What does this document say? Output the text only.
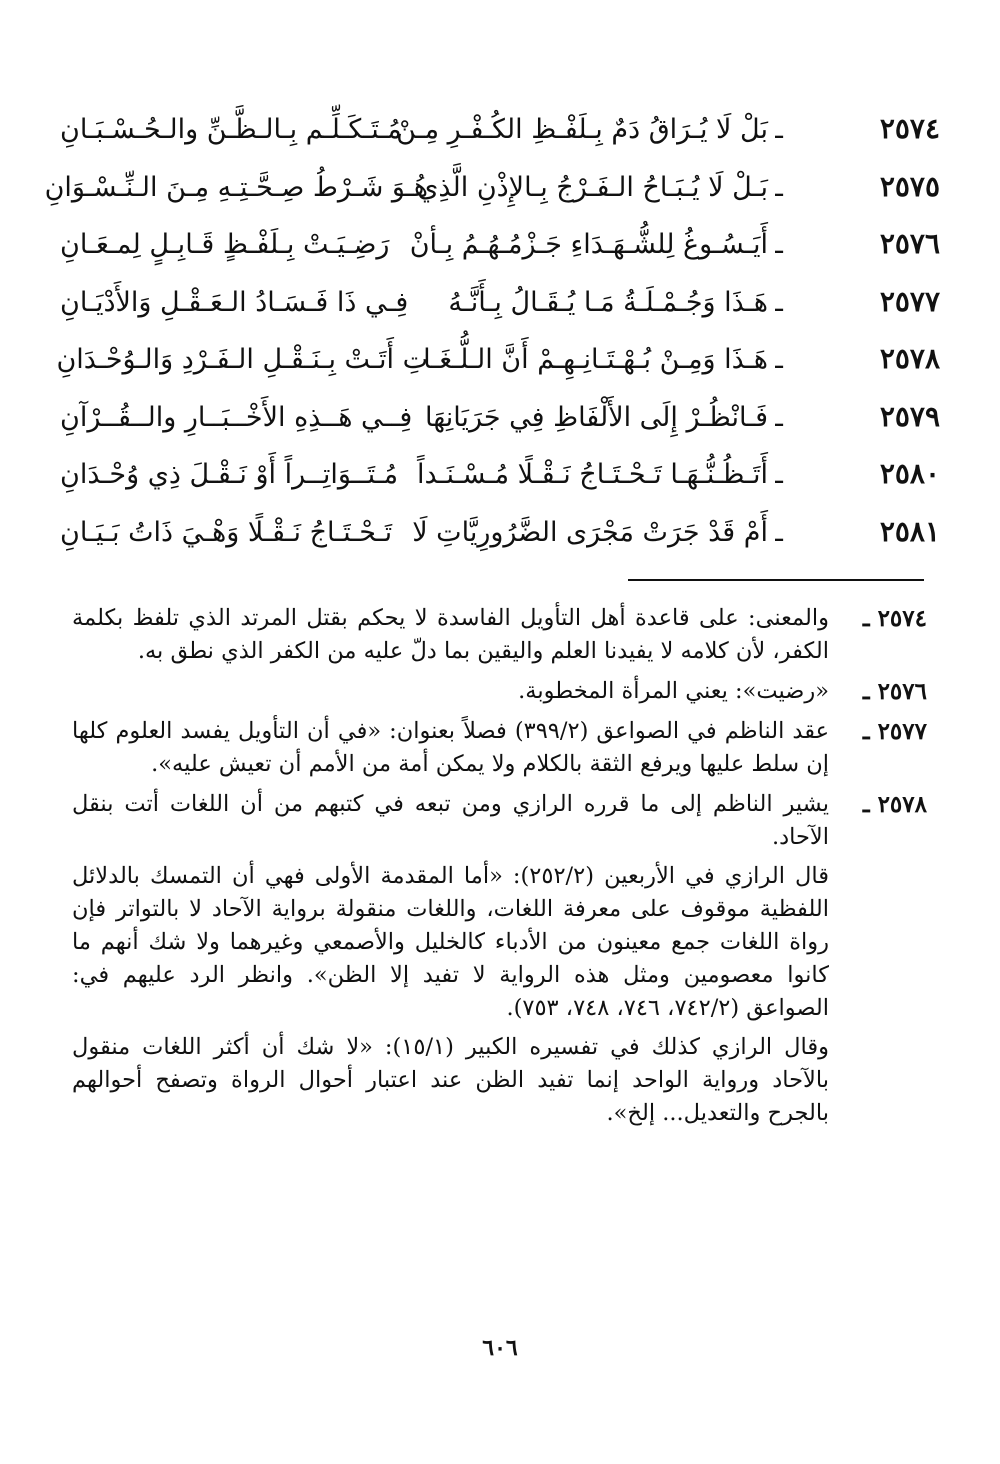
٢٥٧٤
ـ
بَلْ لَا يُـرَاقُ دَمٌ بِـلَفْـظِ الكُـفْـرِ مِـنْ
مُـتَـكَـلِّـم بِـالـظَّـنِّ والـحُـسْـبَـانِ
٢٥٧٥
ـ
بَـلْ لَا يُـبَـاحُ الـفَـرْجُ بِـالإِذْنِ الَّذِي
هُـوَ شَـرْطُ صِـحَّـتِـهِ مِـنَ الـنِّـسْـوَانِ
٢٥٧٦
ـ
أَيَـسُـوغُ لِلشُّـهَـدَاءِ جَـزْمُـهُـمُ بِـأنْ
رَضِـيَـتْ بِـلَفْـظٍ قَـابِـلٍ لِمـعَـانِ
٢٥٧٧
ـ
هَـذَا وَجُـمْـلَـةُ مَـا يُـقَـالُ بِـأَنَّـهُ
فِـي ذَا فَـسَـادُ الـعَـقْـلِ وَالأَدْيَـانِ
٢٥٧٨
ـ
هَـذَا وَمِـنْ بُـهْـتَـانِـهِـمْ أَنَّ الـلُّـغَـا
تِ أَتَـتْ بِـنَـقْـلِ الـفَـرْدِ وَالـوُحْـدَانِ
٢٥٧٩
ـ
فَـانْظُـرْ إِلَى الأَلْفَاظِ فِي جَرَيَانِهَا
فِــي هَــذِهِ الأَخْــبَــارِ والــقُــرْآنِ
٢٥٨٠
ـ
أَتَـظُـنُّـهَـا تَـحْـتَـاجُ نَـقْـلًا مُـسْـنَـداً
مُـتَــوَاتِــراً أَوْ نَـقْـلَ ذِي وُحْـدَانِ
٢٥٨١
ـ
أَمْ قَدْ جَرَتْ مَجْرَى الضَّرُورِيَّاتِ لَا
تَـحْـتَـاجُ نَـقْـلًا وَهْـيَ ذَاتُ بَـيَـانِ
٢٥٧٤ ـ
والمعنى: على قاعدة أهل التأويل الفاسدة لا يحكم بقتل المرتد الذي تلفظ بكلمة الكفر، لأن كلامه لا يفيدنا العلم واليقين بما دلّ عليه من الكفر الذي نطق به.
٢٥٧٦ ـ
«رضيت»: يعني المرأة المخطوبة.
٢٥٧٧ ـ
عقد الناظم في الصواعق (٣٩٩/٢) فصلاً بعنوان: «في أن التأويل يفسد العلوم كلها إن سلط عليها ويرفع الثقة بالكلام ولا يمكن أمة من الأمم أن تعيش عليه».
٢٥٧٨ ـ
يشير الناظم إلى ما قرره الرازي ومن تبعه في كتبهم من أن اللغات أتت بنقل الآحاد.
قال الرازي في الأربعين (٢٥٢/٢): «أما المقدمة الأولى فهي أن التمسك بالدلائل اللفظية موقوف على معرفة اللغات، واللغات منقولة برواية الآحاد لا بالتواتر فإن رواة اللغات جمع معينون من الأدباء كالخليل والأصمعي وغيرهما ولا شك أنهم ما كانوا معصومين ومثل هذه الرواية لا تفيد إلا الظن». وانظر الرد عليهم في: الصواعق (٧٤٢/٢، ٧٤٦، ٧٤٨، ٧٥٣).
وقال الرازي كذلك في تفسيره الكبير (١٥/١): «لا شك أن أكثر اللغات منقول بالآحاد ورواية الواحد إنما تفيد الظن عند اعتبار أحوال الرواة وتصفح أحوالهم بالجرح والتعديل... إلخ».
٦٠٦
